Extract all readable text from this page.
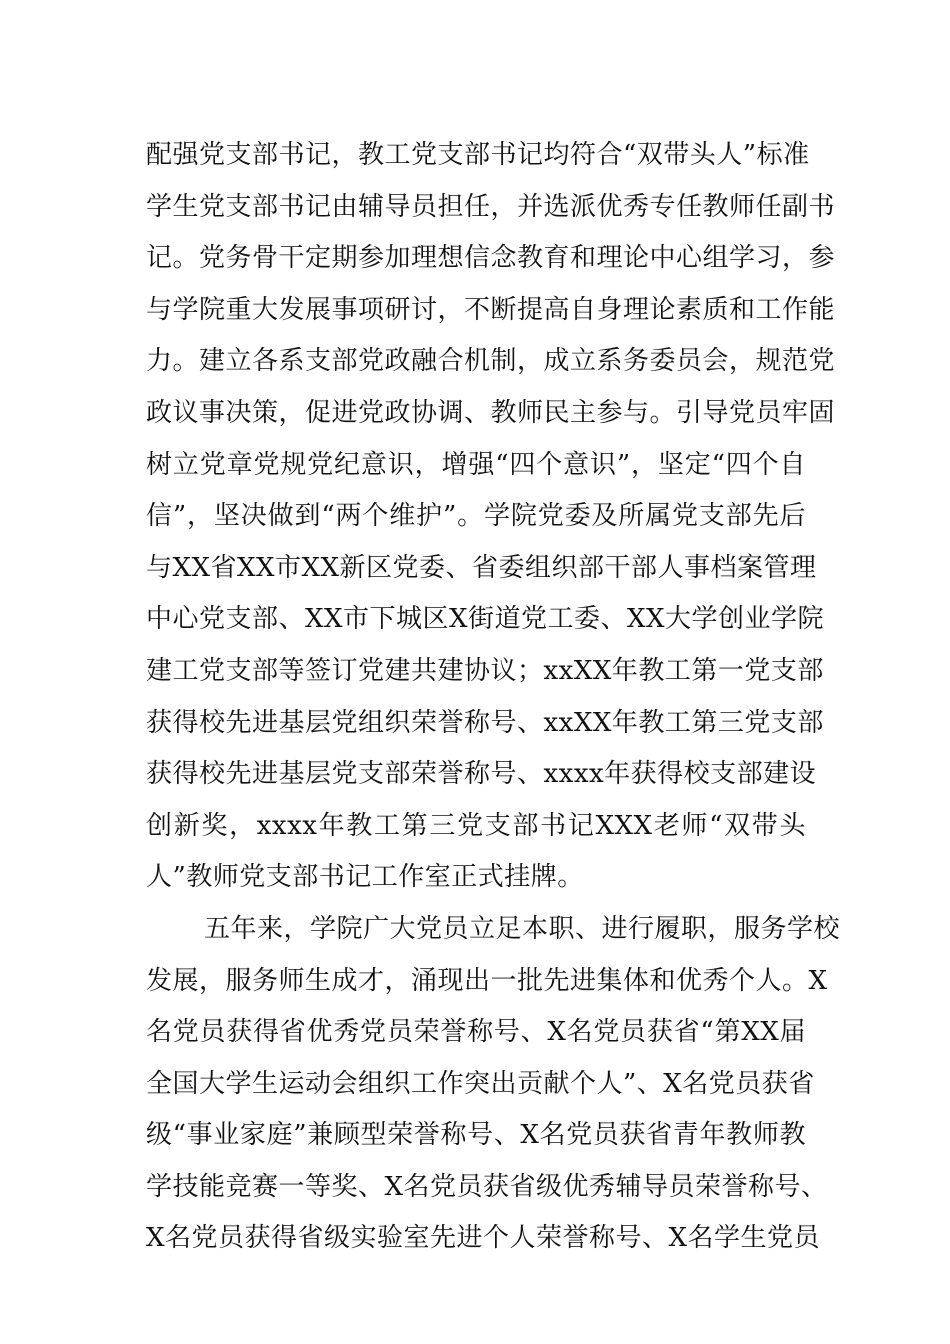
配强党支部书记，教工党支部书记均符合“双带头人”标准
学生党支部书记由辅导员担任，并选派优秀专任教师任副书
记。党务骨干定期参加理想信念教育和理论中心组学习，参
与学院重大发展事项研讨，不断提高自身理论素质和工作能
力。建立各系支部党政融合机制，成立系务委员会，规范党
政议事决策，促进党政协调、教师民主参与。引导党员牢固
树立党章党规党纪意识，增强“四个意识”，坚定“四个自
信”，坚决做到“两个维护”。学院党委及所属党支部先后
与XX省XX市XX新区党委、省委组织部干部人事档案管理
中心党支部、XX市下城区X街道党工委、XX大学创业学院
建工党支部等签订党建共建协议；xxXX年教工第一党支部
获得校先进基层党组织荣誉称号、xxXX年教工第三党支部
获得校先进基层党支部荣誉称号、xxxx年获得校支部建设
创新奖，xxxx年教工第三党支部书记XXX老师“双带头
人”教师党支部书记工作室正式挂牌。
五年来，学院广大党员立足本职、进行履职，服务学校
发展，服务师生成才，涌现出一批先进集体和优秀个人。X
名党员获得省优秀党员荣誉称号、X名党员获省“第XX届
全国大学生运动会组织工作突出贡献个人”、X名党员获省
级“事业家庭”兼顾型荣誉称号、X名党员获省青年教师教
学技能竞赛一等奖、X名党员获省级优秀辅导员荣誉称号、
X名党员获得省级实验室先进个人荣誉称号、X名学生党员
